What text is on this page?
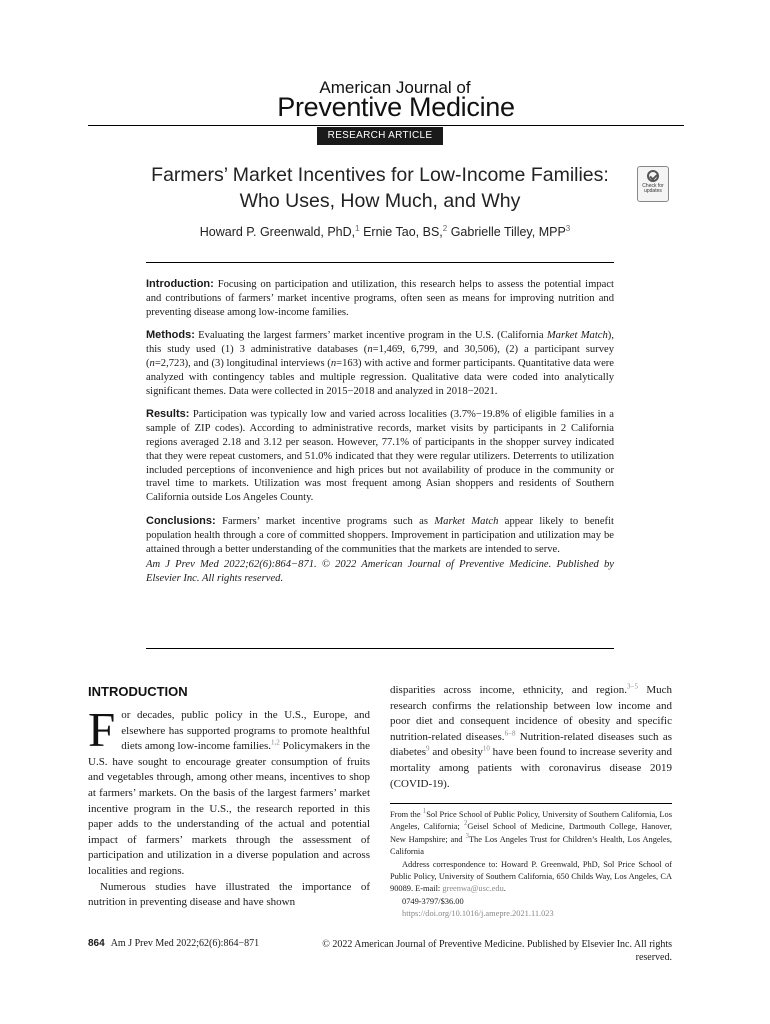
American Journal of
Preventive Medicine
RESEARCH ARTICLE
Farmers’ Market Incentives for Low-Income Families:
Who Uses, How Much, and Why
Check for
updates
Howard P. Greenwald, PhD,$^1$ Ernie Tao, BS,$^2$ Gabrielle Tilley, MPP$^3$

Introduction: Focusing on participation and utilization, this research helps to assess the potential impact and contributions of farmers’ market incentive programs, often seen as means for improving nutrition and preventing disease among low-income families.

Methods: Evaluating the largest farmers’ market incentive program in the U.S. (California Market Match), this study used (1) 3 administrative databases (n=1,469, 6,799, and 30,506), (2) a participant survey (n=2,723), and (3) longitudinal interviews (n=163) with active and former participants. Quantitative data were analyzed with contingency tables and multiple regression. Qualitative data were coded into analytically significant themes. Data were collected in 2015−2018 and analyzed in 2018−2021.

Results: Participation was typically low and varied across localities (3.7%−19.8% of eligible families in a sample of ZIP codes). According to administrative records, market visits by participants in 2 California regions averaged 2.18 and 3.12 per season. However, 77.1% of participants in the shopper survey indicated that they were repeat customers, and 51.0% indicated that they were regular utilizers. Deterrents to utilization included perceptions of inconvenience and high prices but not availability of produce in the community or travel time to markets. Utilization was most frequent among Asian shoppers and residents of Southern California outside Los Angeles County.

Conclusions: Farmers’ market incentive programs such as Market Match appear likely to benefit population health through a core of committed shoppers. Improvement in participation and utilization may be attained through a better understanding of the communities that the markets are intended to serve.

Am J Prev Med 2022;62(6):864−871. © 2022 American Journal of Preventive Medicine. Published by Elsevier Inc. All rights reserved.

INTRODUCTION

For decades, public policy in the U.S., Europe, and elsewhere has supported programs to promote healthful diets among low-income families.$^{1,2}$ Policymakers in the U.S. have sought to encourage greater consumption of fruits and vegetables through, among other means, incentives to shop at farmers’ markets. On the basis of the largest farmers’ market incentive program in the U.S., the research reported in this paper adds to the understanding of the actual and potential impact of farmers’ markets through the assessment of participation and utilization in a diverse population and across localities and regions.

Numerous studies have illustrated the importance of nutrition in preventing disease and have shown

disparities across income, ethnicity, and region.$^{3-5}$ Much research confirms the relationship between low income and poor diet and consequent incidence of obesity and specific nutrition-related diseases.$^{6-8}$ Nutrition-related diseases such as diabetes$^9$ and obesity$^{10}$ have been found to increase severity and mortality among patients with coronavirus disease 2019 (COVID-19).

From the $^1$Sol Price School of Public Policy, University of Southern California, Los Angeles, California; $^2$Geisel School of Medicine, Dartmouth College, Hanover, New Hampshire; and $^3$The Los Angeles Trust for Children’s Health, Los Angeles, California

Address correspondence to: Howard P. Greenwald, PhD, Sol Price School of Public Policy, University of Southern California, 650 Childs Way, Los Angeles, CA 90089. E-mail: greenwa@usc.edu.

0749-3797/$36.00

https://doi.org/10.1016/j.amepre.2021.11.023

864 Am J Prev Med 2022;62(6):864−871	© 2022 American Journal of Preventive Medicine. Published by Elsevier Inc. All rights
reserved.
